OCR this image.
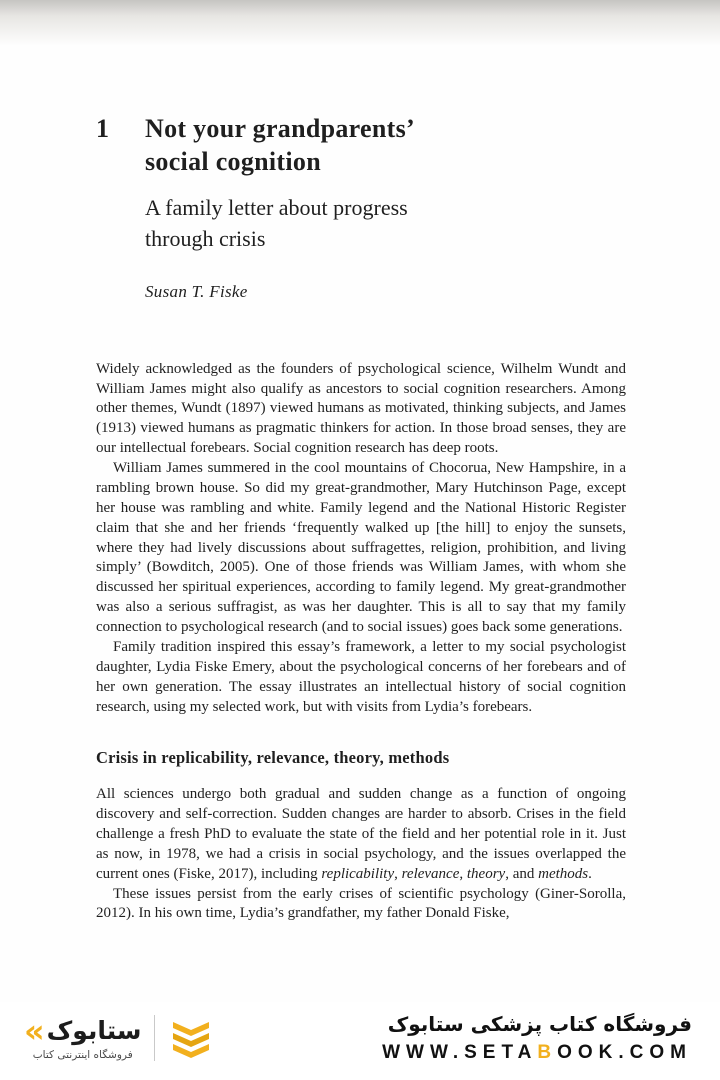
1	Not your grandparents’
social cognition
A family letter about progress
through crisis
Susan T. Fiske

Widely acknowledged as the founders of psychological science, Wilhelm Wundt and William James might also qualify as ancestors to social cognition researchers. Among other themes, Wundt (1897) viewed humans as motivated, thinking subjects, and James (1913) viewed humans as pragmatic thinkers for action. In those broad senses, they are our intellectual forebears. Social cognition research has deep roots.

William James summered in the cool mountains of Chocorua, New Hampshire, in a rambling brown house. So did my great-grandmother, Mary Hutchinson Page, except her house was rambling and white. Family legend and the National Historic Register claim that she and her friends ‘frequently walked up [the hill] to enjoy the sunsets, where they had lively discussions about suffragettes, religion, prohibition, and living simply’ (Bowditch, 2005). One of those friends was William James, with whom she discussed her spiritual experiences, according to family legend. My great-grandmother was also a serious suffragist, as was her daughter. This is all to say that my family connection to psychological research (and to social issues) goes back some generations.

Family tradition inspired this essay’s framework, a letter to my social psychologist daughter, Lydia Fiske Emery, about the psychological concerns of her forebears and of her own generation. The essay illustrates an intellectual history of social cognition research, using my selected work, but with visits from Lydia’s forebears.

Crisis in replicability, relevance, theory, methods

All sciences undergo both gradual and sudden change as a function of ongoing discovery and self-correction. Sudden changes are harder to absorb. Crises in the field challenge a fresh PhD to evaluate the state of the field and her potential role in it. Just as now, in 1978, we had a crisis in social psychology, and the issues overlapped the current ones (Fiske, 2017), including replicability, relevance, theory, and methods.

These issues persist from the early crises of scientific psychology (Giner-Sorolla, 2012). In his own time, Lydia’s grandfather, my father Donald Fiske,

« ستابوک
فروشگاه اینترنتی کتاب
فروشگاه کتاب پزشکی ستابوک
WWW.SETABOOK.COM
